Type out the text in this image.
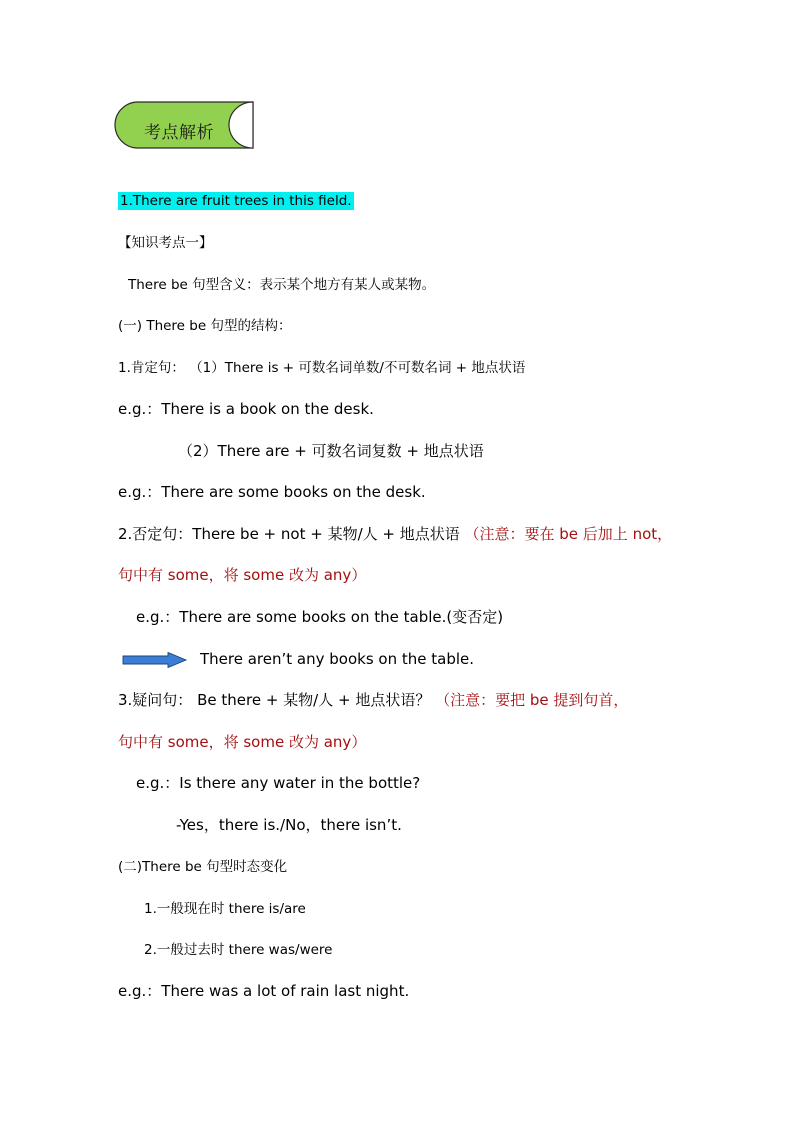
考点解析
1.There are fruit trees in this field.
【知识考点一】
There be 句型含义：表示某个地方有某人或某物。
(一) There be 句型的结构：
1.肯定句： （1）There is + 可数名词单数/不可数名词 + 地点状语
e.g.：There is a book on the desk.
（2）There are + 可数名词复数 + 地点状语
e.g.：There are some books on the desk.
2.否定句：There be + not + 某物/人 + 地点状语 （注意：要在 be 后加上 not，
句中有 some，将 some 改为 any）
e.g.：There are some books on the table.(变否定)
There aren’t any books on the table.
3.疑问句： Be there + 某物/人 + 地点状语？ （注意：要把 be 提到句首，
句中有 some，将 some 改为 any）
e.g.：Is there any water in the bottle?
-Yes，there is./No，there isn’t.
(二)There be 句型时态变化
1.一般现在时 there is/are
2.一般过去时 there was/were
e.g.：There was a lot of rain last night.
